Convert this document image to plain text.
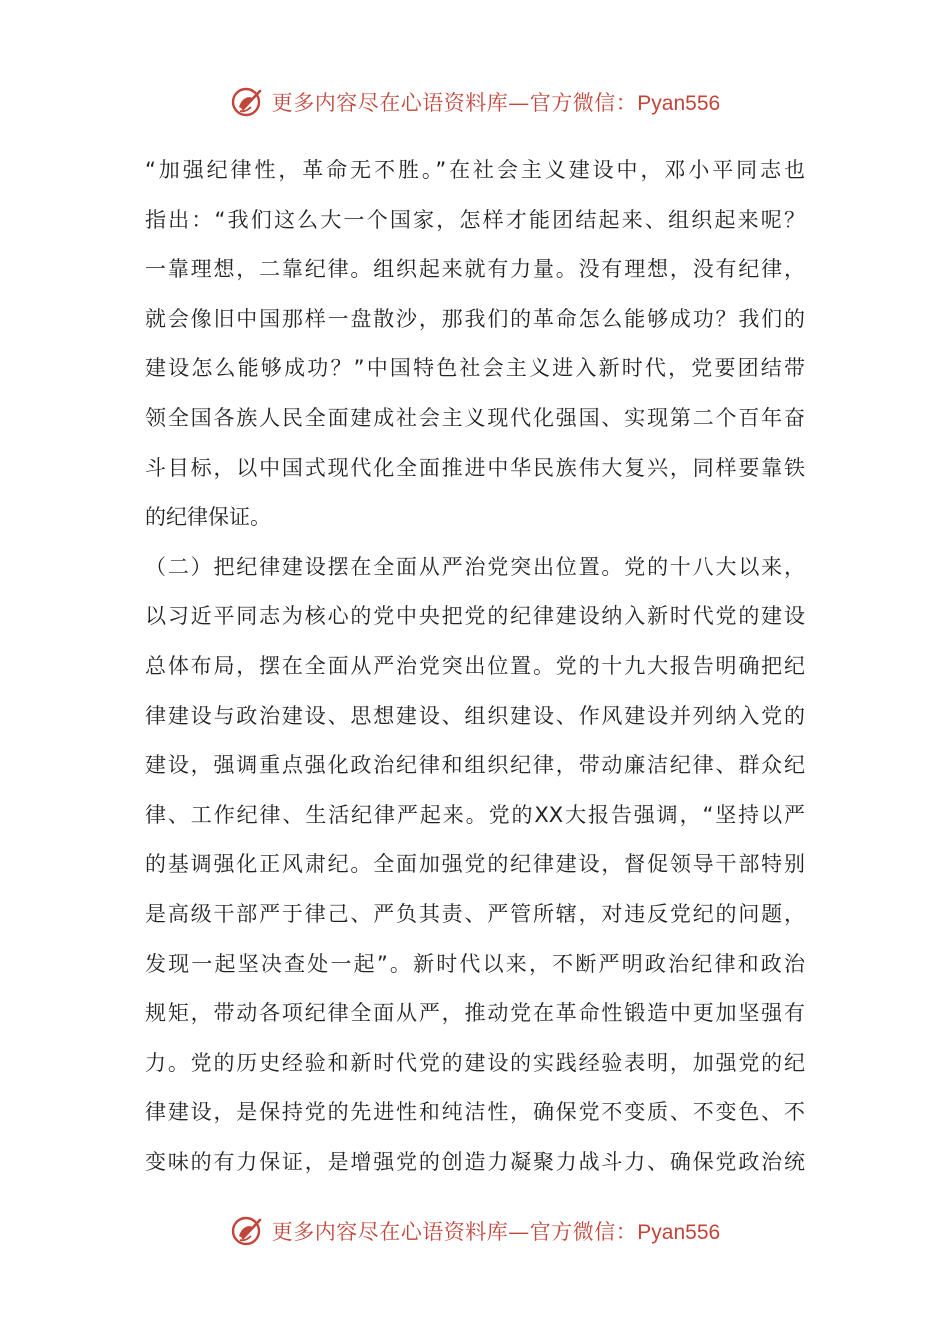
更多内容尽在心语资料库—官方微信：Pyan556
“加强纪律性，革命无不胜。”在社会主义建设中，邓小平同志也
指出：“我们这么大一个国家，怎样才能团结起来、组织起来呢？
一靠理想，二靠纪律。组织起来就有力量。没有理想，没有纪律，
就会像旧中国那样一盘散沙，那我们的革命怎么能够成功？我们的
建设怎么能够成功？”中国特色社会主义进入新时代，党要团结带
领全国各族人民全面建成社会主义现代化强国、实现第二个百年奋
斗目标，以中国式现代化全面推进中华民族伟大复兴，同样要靠铁
的纪律保证。
（二）把纪律建设摆在全面从严治党突出位置。党的十八大以来，
以习近平同志为核心的党中央把党的纪律建设纳入新时代党的建设
总体布局，摆在全面从严治党突出位置。党的十九大报告明确把纪
律建设与政治建设、思想建设、组织建设、作风建设并列纳入党的
建设，强调重点强化政治纪律和组织纪律，带动廉洁纪律、群众纪
律、工作纪律、生活纪律严起来。党的XX大报告强调，“坚持以严
的基调强化正风肃纪。全面加强党的纪律建设，督促领导干部特别
是高级干部严于律己、严负其责、严管所辖，对违反党纪的问题，
发现一起坚决查处一起”。新时代以来，不断严明政治纪律和政治
规矩，带动各项纪律全面从严，推动党在革命性锻造中更加坚强有
力。党的历史经验和新时代党的建设的实践经验表明，加强党的纪
律建设，是保持党的先进性和纯洁性，确保党不变质、不变色、不
变味的有力保证，是增强党的创造力凝聚力战斗力、确保党政治统
更多内容尽在心语资料库—官方微信：Pyan556
